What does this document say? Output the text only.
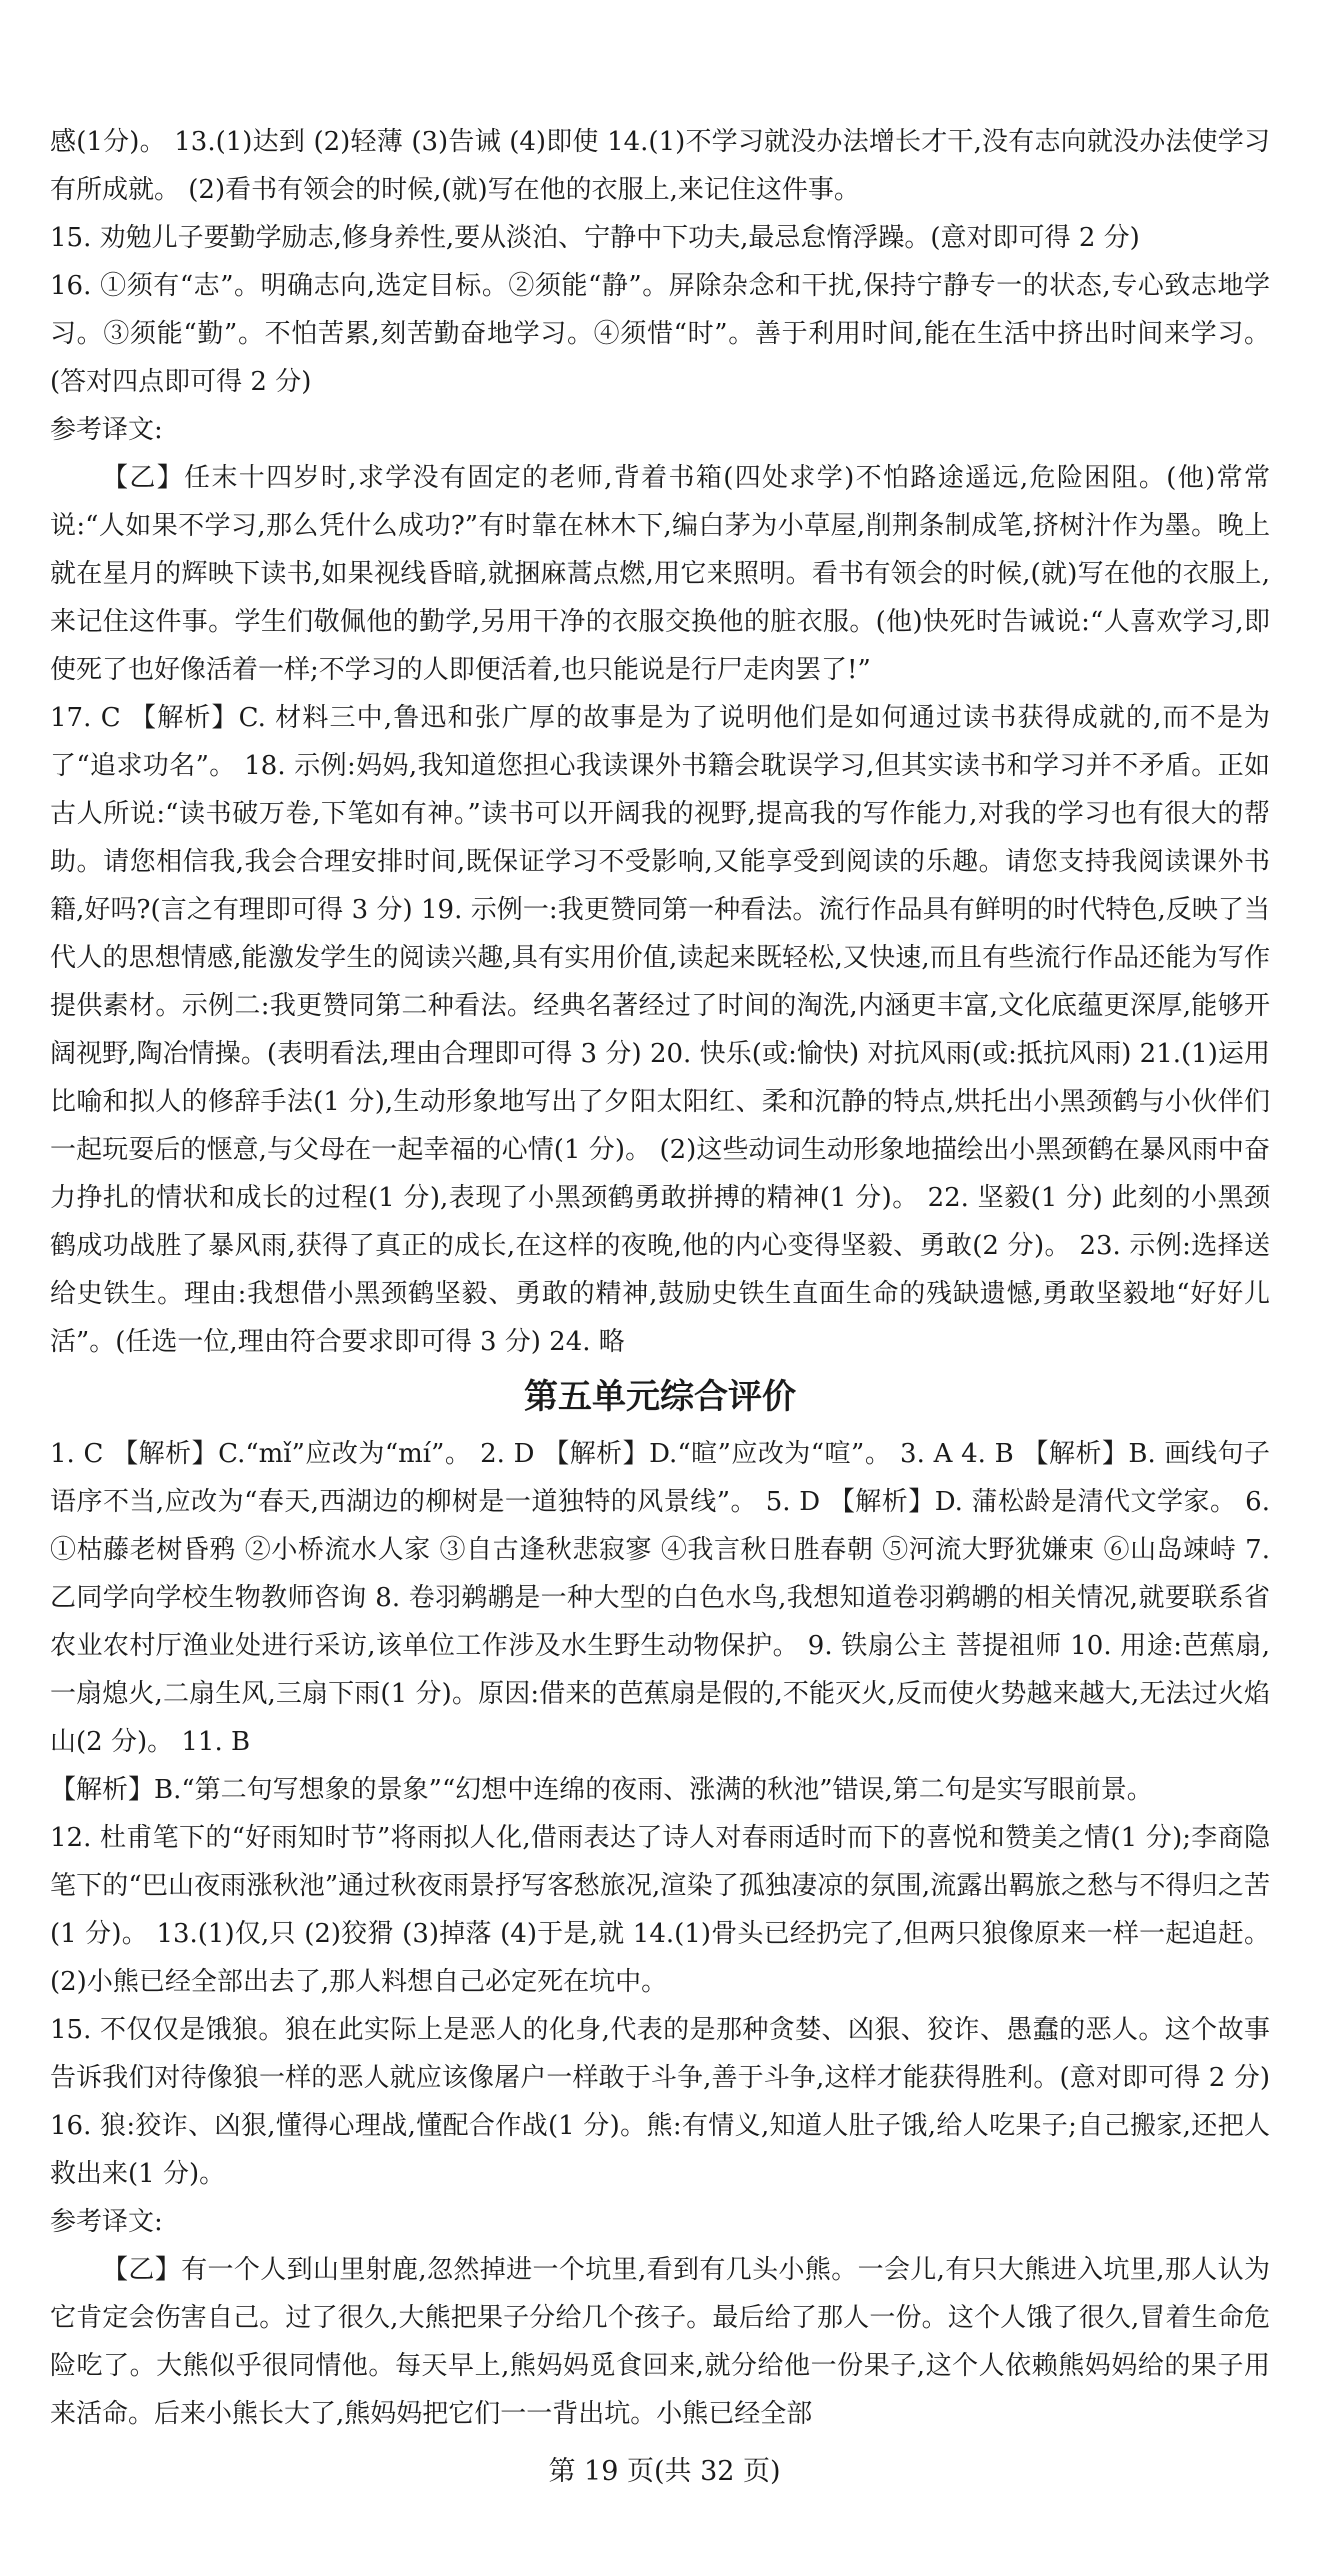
感(1分)。 13.(1)达到 (2)轻薄 (3)告诫 (4)即使 14.(1)不学习就没办法增长才干,没有志向就没办法使学习有所成就。 (2)看书有领会的时候,(就)写在他的衣服上,来记住这件事。

15. 劝勉儿子要勤学励志,修身养性,要从淡泊、宁静中下功夫,最忌怠惰浮躁。(意对即可得 2 分)

16. ①须有“志”。明确志向,选定目标。②须能“静”。屏除杂念和干扰,保持宁静专一的状态,专心致志地学习。③须能“勤”。不怕苦累,刻苦勤奋地学习。④须惜“时”。善于利用时间,能在生活中挤出时间来学习。(答对四点即可得 2 分)

参考译文:

【乙】任末十四岁时,求学没有固定的老师,背着书箱(四处求学)不怕路途遥远,危险困阻。(他)常常说:“人如果不学习,那么凭什么成功?”有时靠在林木下,编白茅为小草屋,削荆条制成笔,挤树汁作为墨。晚上就在星月的辉映下读书,如果视线昏暗,就捆麻蒿点燃,用它来照明。看书有领会的时候,(就)写在他的衣服上,来记住这件事。学生们敬佩他的勤学,另用干净的衣服交换他的脏衣服。(他)快死时告诫说:“人喜欢学习,即使死了也好像活着一样;不学习的人即便活着,也只能说是行尸走肉罢了!”

17. C 【解析】C. 材料三中,鲁迅和张广厚的故事是为了说明他们是如何通过读书获得成就的,而不是为了“追求功名”。 18. 示例:妈妈,我知道您担心我读课外书籍会耽误学习,但其实读书和学习并不矛盾。正如古人所说:“读书破万卷,下笔如有神。”读书可以开阔我的视野,提高我的写作能力,对我的学习也有很大的帮助。请您相信我,我会合理安排时间,既保证学习不受影响,又能享受到阅读的乐趣。请您支持我阅读课外书籍,好吗?(言之有理即可得 3 分) 19. 示例一:我更赞同第一种看法。流行作品具有鲜明的时代特色,反映了当代人的思想情感,能激发学生的阅读兴趣,具有实用价值,读起来既轻松,又快速,而且有些流行作品还能为写作提供素材。示例二:我更赞同第二种看法。经典名著经过了时间的淘洗,内涵更丰富,文化底蕴更深厚,能够开阔视野,陶冶情操。(表明看法,理由合理即可得 3 分) 20. 快乐(或:愉快) 对抗风雨(或:抵抗风雨) 21.(1)运用比喻和拟人的修辞手法(1 分),生动形象地写出了夕阳太阳红、柔和沉静的特点,烘托出小黑颈鹤与小伙伴们一起玩耍后的惬意,与父母在一起幸福的心情(1 分)。 (2)这些动词生动形象地描绘出小黑颈鹤在暴风雨中奋力挣扎的情状和成长的过程(1 分),表现了小黑颈鹤勇敢拼搏的精神(1 分)。 22. 坚毅(1 分) 此刻的小黑颈鹤成功战胜了暴风雨,获得了真正的成长,在这样的夜晚,他的内心变得坚毅、勇敢(2 分)。 23. 示例:选择送给史铁生。理由:我想借小黑颈鹤坚毅、勇敢的精神,鼓励史铁生直面生命的残缺遗憾,勇敢坚毅地“好好儿活”。(任选一位,理由符合要求即可得 3 分) 24. 略

第五单元综合评价

1. C 【解析】C.“mǐ”应改为“mí”。 2. D 【解析】D.“暄”应改为“喧”。 3. A 4. B 【解析】B. 画线句子语序不当,应改为“春天,西湖边的柳树是一道独特的风景线”。 5. D 【解析】D. 蒲松龄是清代文学家。 6. ①枯藤老树昏鸦 ②小桥流水人家 ③自古逢秋悲寂寥 ④我言秋日胜春朝 ⑤河流大野犹嫌束 ⑥山岛竦峙 7. 乙同学向学校生物教师咨询 8. 卷羽鹈鹕是一种大型的白色水鸟,我想知道卷羽鹈鹕的相关情况,就要联系省农业农村厅渔业处进行采访,该单位工作涉及水生野生动物保护。 9. 铁扇公主 菩提祖师 10. 用途:芭蕉扇,一扇熄火,二扇生风,三扇下雨(1 分)。原因:借来的芭蕉扇是假的,不能灭火,反而使火势越来越大,无法过火焰山(2 分)。 11. B

【解析】B.“第二句写想象的景象”“幻想中连绵的夜雨、涨满的秋池”错误,第二句是实写眼前景。

12. 杜甫笔下的“好雨知时节”将雨拟人化,借雨表达了诗人对春雨适时而下的喜悦和赞美之情(1 分);李商隐笔下的“巴山夜雨涨秋池”通过秋夜雨景抒写客愁旅况,渲染了孤独凄凉的氛围,流露出羁旅之愁与不得归之苦(1 分)。 13.(1)仅,只 (2)狡猾 (3)掉落 (4)于是,就 14.(1)骨头已经扔完了,但两只狼像原来一样一起追赶。 (2)小熊已经全部出去了,那人料想自己必定死在坑中。

15. 不仅仅是饿狼。狼在此实际上是恶人的化身,代表的是那种贪婪、凶狠、狡诈、愚蠢的恶人。这个故事告诉我们对待像狼一样的恶人就应该像屠户一样敢于斗争,善于斗争,这样才能获得胜利。(意对即可得 2 分) 16. 狼:狡诈、凶狠,懂得心理战,懂配合作战(1 分)。熊:有情义,知道人肚子饿,给人吃果子;自己搬家,还把人救出来(1 分)。

参考译文:

【乙】有一个人到山里射鹿,忽然掉进一个坑里,看到有几头小熊。一会儿,有只大熊进入坑里,那人认为它肯定会伤害自己。过了很久,大熊把果子分给几个孩子。最后给了那人一份。这个人饿了很久,冒着生命危险吃了。大熊似乎很同情他。每天早上,熊妈妈觅食回来,就分给他一份果子,这个人依赖熊妈妈给的果子用来活命。后来小熊长大了,熊妈妈把它们一一背出坑。小熊已经全部

第 19 页(共 32 页)
